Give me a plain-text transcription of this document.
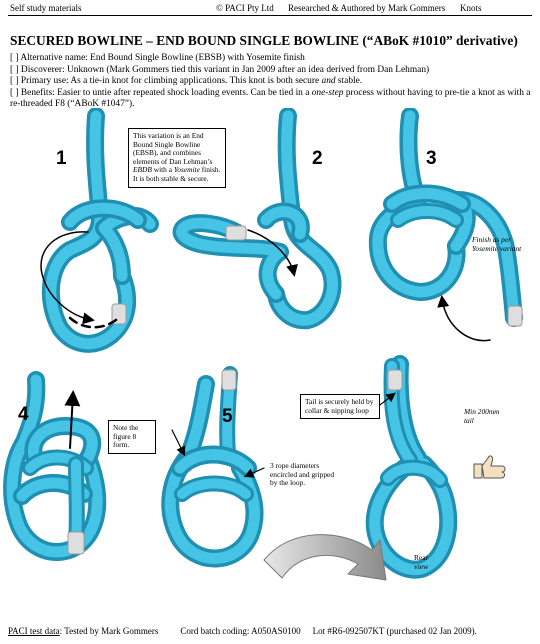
Self study materials	© PACI Pty Ltd Researched & Authored by Mark Gommers Knots
SECURED BOWLINE – END BOUND SINGLE BOWLINE (“ABoK #1010” derivative)

[ ] Alternative name: End Bound Single Bowline (EBSB) with Yosemite finish

[ ] Discoverer: Unknown (Mark Gommers tied this variant in Jan 2009 after an idea derived from Dan Lehman)

[ ] Primary use: As a tie-in knot for climbing applications. This knot is both secure and stable.

[ ] Benefits: Easier to untie after repeated shock loading events. Can be tied in a one-step process without having to pre-tie a knot as with a re-threaded F8 (“ABoK #1047”).

1	2	3
4	5
This variation is an End Bound Single Bowline (EBSB), and combines elements of Dan Lehman’s EBDB with a Yosemite finish. It is both stable & secure.
Finish as per Yosemite variant
Note the figure 8 form.
3 rope diameters encircled and gripped by the loop.
Tail is securely held by collar & nipping loop	Min 200mm tail
Rear view
PACI test data: Tested by Mark Gommers Cord batch coding: A050AS0100 Lot #R6-092507KT (purchased 02 Jan 2009).
